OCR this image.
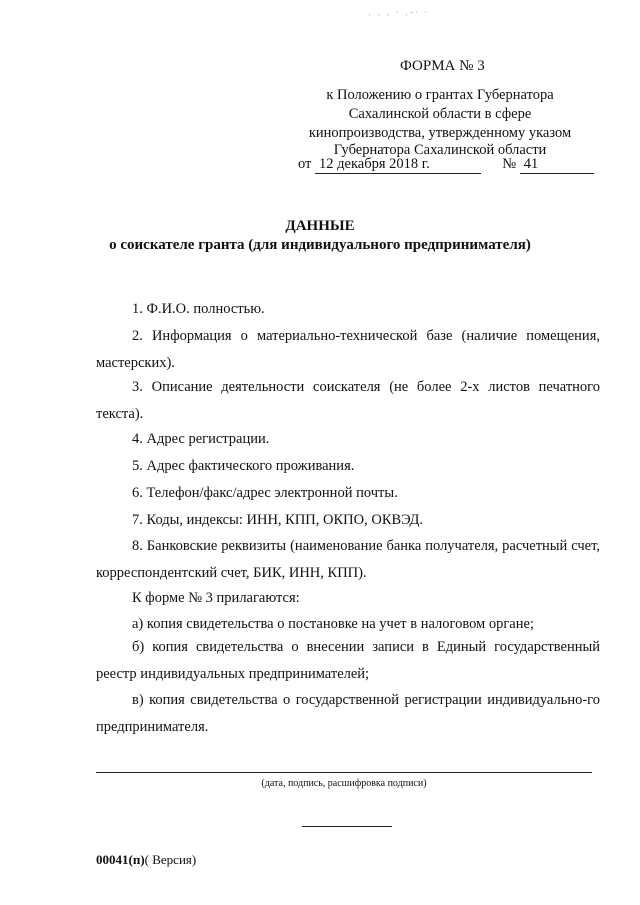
· · · ˙ ·ˉ˙ ˙
ФОРМА № 3
к Положению о грантах Губернатора
Сахалинской области в сфере
кинопроизводства, утвержденному указом
Губернатора Сахалинской области
от 12 декабря 2018 г.	№ 41
ДАННЫЕ
о соискателе гранта (для индивидуального предпринимателя)
1. Ф.И.О. полностью.
2. Информация о материально-технической базе (наличие помещения, мастерских).
3. Описание деятельности соискателя (не более 2-х листов печатного текста).
4. Адрес регистрации.
5. Адрес фактического проживания.
6. Телефон/факс/адрес электронной почты.
7. Коды, индексы: ИНН, КПП, ОКПО, ОКВЭД.
8. Банковские реквизиты (наименование банка получателя, расчетный счет, корреспондентский счет, БИК, ИНН, КПП).
К форме № 3 прилагаются:
а) копия свидетельства о постановке на учет в налоговом органе;
б) копия свидетельства о внесении записи в Единый государственный реестр индивидуальных предпринимателей;
в) копия свидетельства о государственной регистрации индивидуально-го предпринимателя.
(дата, подпись, расшифровка подписи)
00041(п)( Версия)
